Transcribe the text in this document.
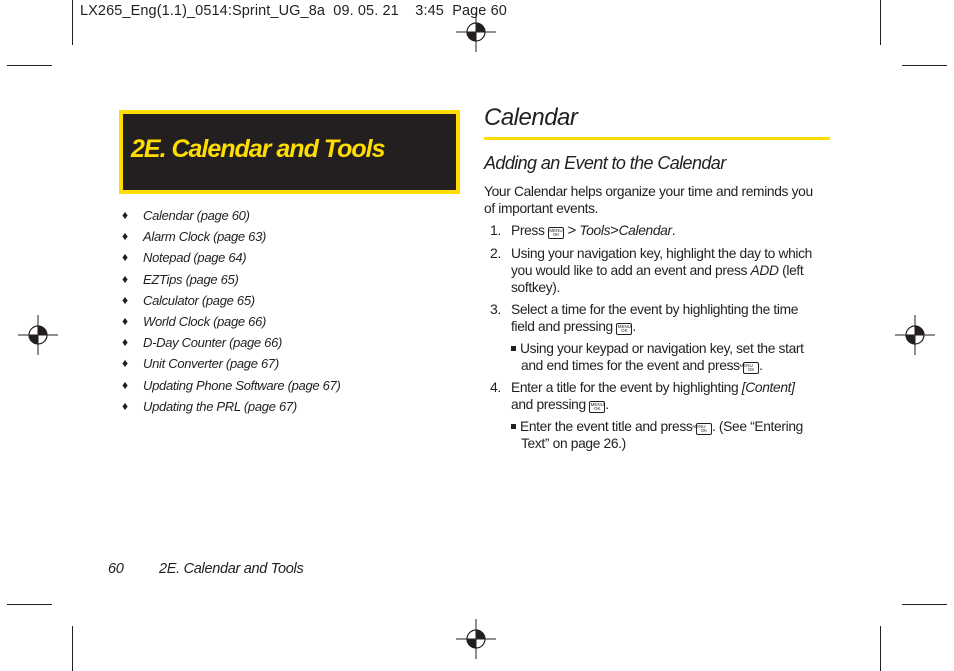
LX265_Eng(1.1)_0514:Sprint_UG_8a  09. 05. 21    3:45  Page 60
2E. Calendar and Tools
♦ Calendar (page 60)
♦ Alarm Clock (page 63)
♦ Notepad (page 64)
♦ EZTips (page 65)
♦ Calculator (page 65)
♦ World Clock (page 66)
♦ D-Day Counter (page 66)
♦ Unit Converter (page 67)
♦ Updating Phone Software (page 67)
♦ Updating the PRL (page 67)
Calendar
Adding an Event to the Calendar
Your Calendar helps organize your time and reminds you of important events.
1. Press MENU
OK > Tools>Calendar.
2. Using your navigation key, highlight the day to which you would like to add an event and press ADD (left softkey).
3. Select a time for the event by highlighting the time field and pressing MENU
OK .
Using your keypad or navigation key, set the start and end times for the event and press MENU
OK .
4. Enter a title for the event by highlighting [Content] and pressing MENU
OK .
Enter the event title and press MENU
OK . (See “Entering Text” on page 26.)
60 2E. Calendar and Tools
